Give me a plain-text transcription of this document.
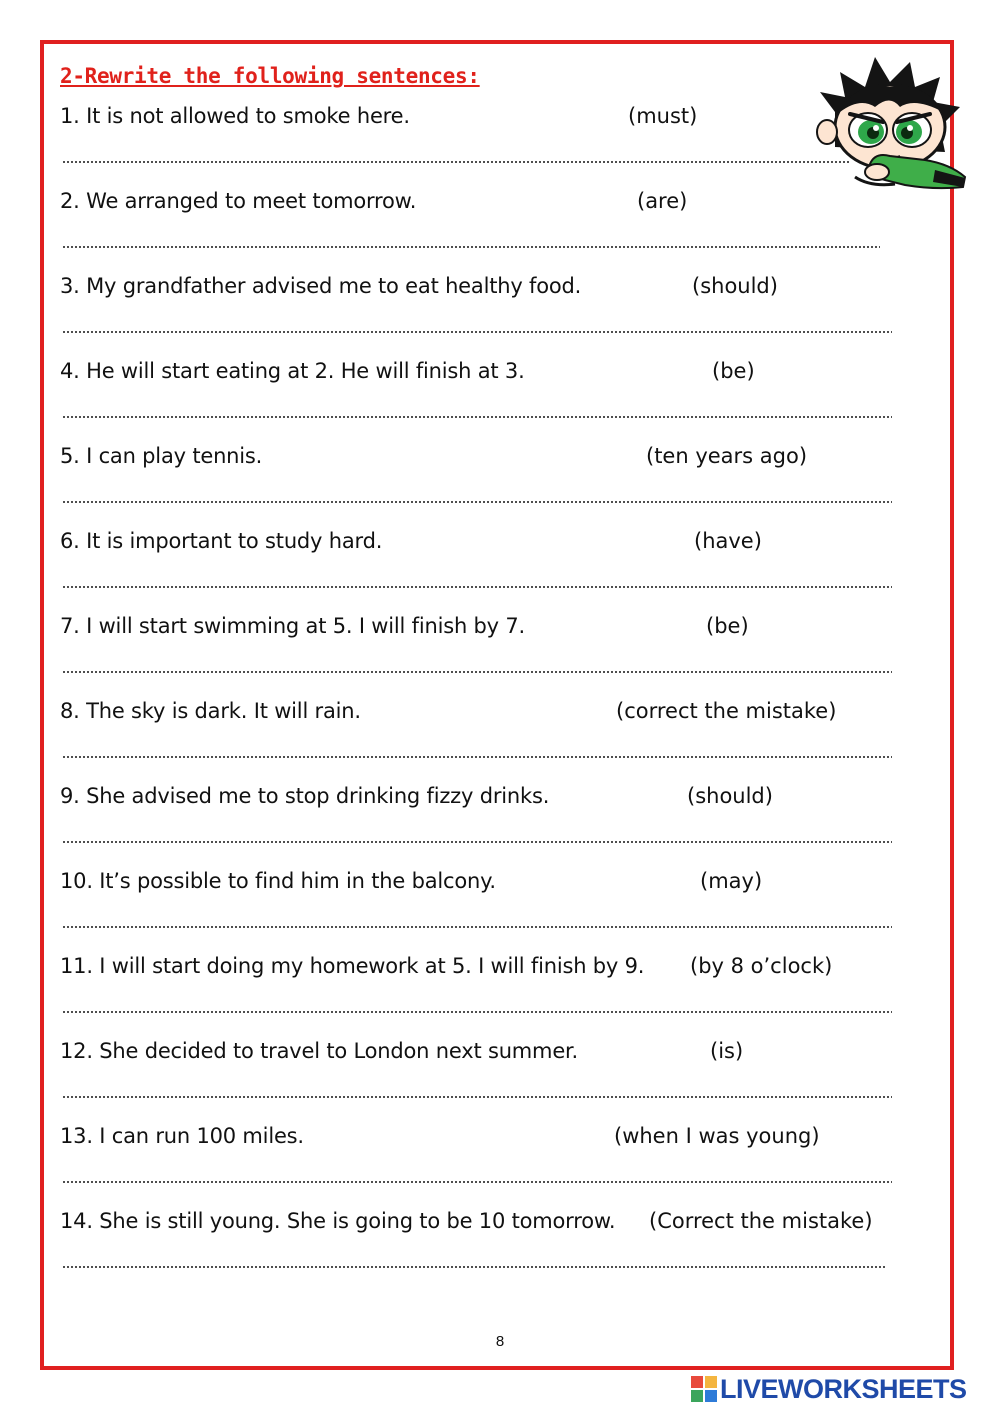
2-Rewrite the following sentences:
1. It is not allowed to smoke here.	(must)
2. We arranged to meet tomorrow.	(are)
3. My grandfather advised me to eat healthy food.	(should)
4. He will start eating at 2. He will finish at 3.	(be)
5. I can play tennis.	(ten years ago)
6. It is important to study hard.	(have)
7. I will start swimming at 5. I will finish by 7.	(be)
8. The sky is dark. It will rain.	(correct the mistake)
9. She advised me to stop drinking fizzy drinks.	(should)
10. It’s possible to find him in the balcony.	(may)
11. I will start doing my homework at 5. I will finish by 9. (by 8 o’clock)
12. She decided to travel to London next summer.	(is)
13. I can run 100 miles.	(when I was young)
14. She is still young. She is going to be 10 tomorrow. (Correct the mistake)
8
LIVEWORKSHEETS
